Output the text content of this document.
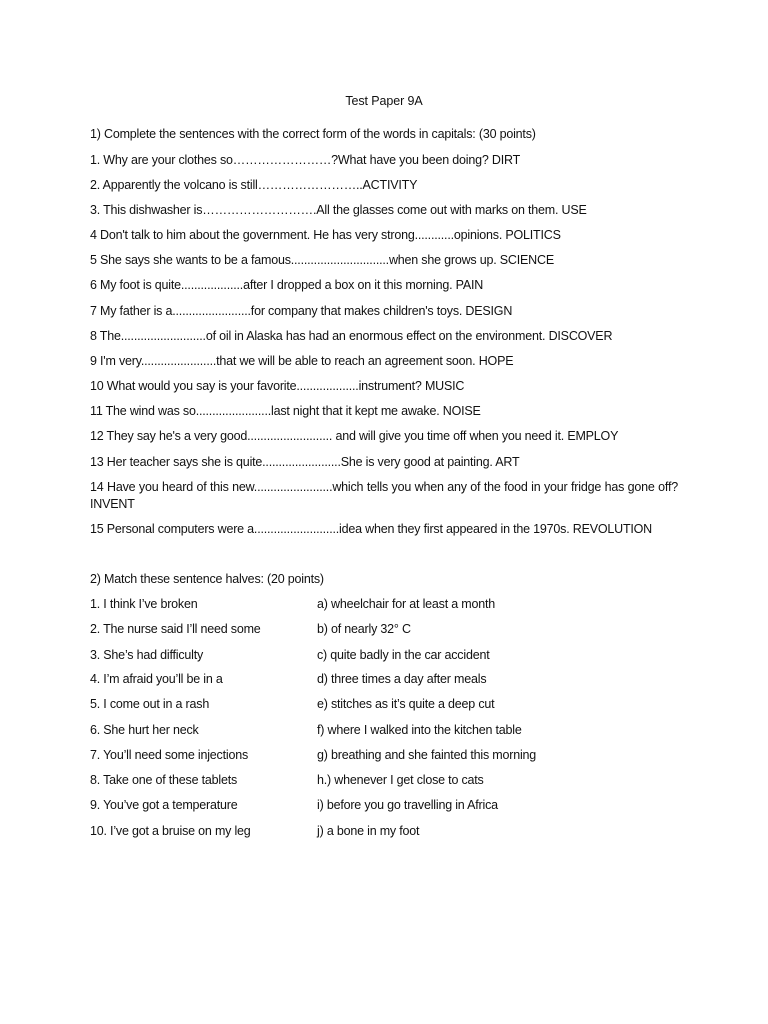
Test Paper 9A
1) Complete the sentences with the correct form of the words in capitals: (30 points)
1. Why are your clothes so……………………?What have you been doing? DIRT
2. Apparently the volcano is still……………………..ACTIVITY
3. This dishwasher is……………………….All the glasses come out with marks on them. USE
4 Don't talk to him about the government. He has very strong............opinions. POLITICS
5 She says she wants to be a famous..............................when she grows up. SCIENCE
6 My foot is quite...................after I dropped a box on it this morning. PAIN
7 My father is a........................for company that makes children's toys. DESIGN
8 The..........................of oil in Alaska has had an enormous effect on the environment. DISCOVER
9 I'm very.......................that we will be able to reach an agreement soon. HOPE
10 What would you say is your favorite...................instrument? MUSIC
11 The wind was so.......................last night that it kept me awake. NOISE
12 They say he's a very good.......................... and will give you time off when you need it. EMPLOY
13 Her teacher says she is quite........................She is very good at painting. ART
14 Have you heard of this new........................which tells you when any of the food in your fridge has gone off? INVENT
15 Personal computers were a..........................idea when they first appeared in the 1970s. REVOLUTION
2) Match these sentence halves: (20 points)
1. I think I’ve broken	a) wheelchair for at least a month
2. The nurse said I’ll need some	b) of nearly 32° C
3. She’s had difficulty	c) quite badly in the car accident
4. I’m afraid you’ll be in a	d) three times a day after meals
5. I come out in a rash	e) stitches as it’s quite a deep cut
6. She hurt her neck	f) where I walked into the kitchen table
7. You’ll need some injections	g) breathing and she fainted this morning
8. Take one of these tablets	h.) whenever I get close to cats
9. You’ve got a temperature	i) before you go travelling in Africa
10. I’ve got a bruise on my leg	j) a bone in my foot
